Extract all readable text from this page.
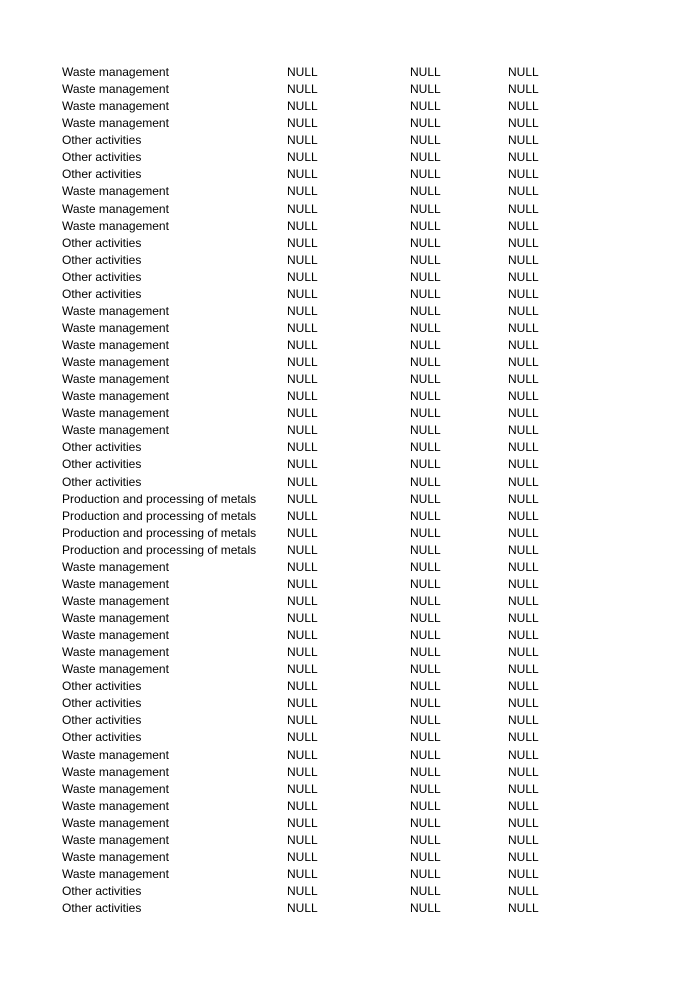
Waste management	NULL	NULL	NULL
Waste management	NULL	NULL	NULL
Waste management	NULL	NULL	NULL
Waste management	NULL	NULL	NULL
Other activities	NULL	NULL	NULL
Other activities	NULL	NULL	NULL
Other activities	NULL	NULL	NULL
Waste management	NULL	NULL	NULL
Waste management	NULL	NULL	NULL
Waste management	NULL	NULL	NULL
Other activities	NULL	NULL	NULL
Other activities	NULL	NULL	NULL
Other activities	NULL	NULL	NULL
Other activities	NULL	NULL	NULL
Waste management	NULL	NULL	NULL
Waste management	NULL	NULL	NULL
Waste management	NULL	NULL	NULL
Waste management	NULL	NULL	NULL
Waste management	NULL	NULL	NULL
Waste management	NULL	NULL	NULL
Waste management	NULL	NULL	NULL
Waste management	NULL	NULL	NULL
Other activities	NULL	NULL	NULL
Other activities	NULL	NULL	NULL
Other activities	NULL	NULL	NULL
Production and processing of metals	NULL	NULL	NULL
Production and processing of metals	NULL	NULL	NULL
Production and processing of metals	NULL	NULL	NULL
Production and processing of metals	NULL	NULL	NULL
Waste management	NULL	NULL	NULL
Waste management	NULL	NULL	NULL
Waste management	NULL	NULL	NULL
Waste management	NULL	NULL	NULL
Waste management	NULL	NULL	NULL
Waste management	NULL	NULL	NULL
Waste management	NULL	NULL	NULL
Other activities	NULL	NULL	NULL
Other activities	NULL	NULL	NULL
Other activities	NULL	NULL	NULL
Other activities	NULL	NULL	NULL
Waste management	NULL	NULL	NULL
Waste management	NULL	NULL	NULL
Waste management	NULL	NULL	NULL
Waste management	NULL	NULL	NULL
Waste management	NULL	NULL	NULL
Waste management	NULL	NULL	NULL
Waste management	NULL	NULL	NULL
Waste management	NULL	NULL	NULL
Other activities	NULL	NULL	NULL
Other activities	NULL	NULL	NULL
